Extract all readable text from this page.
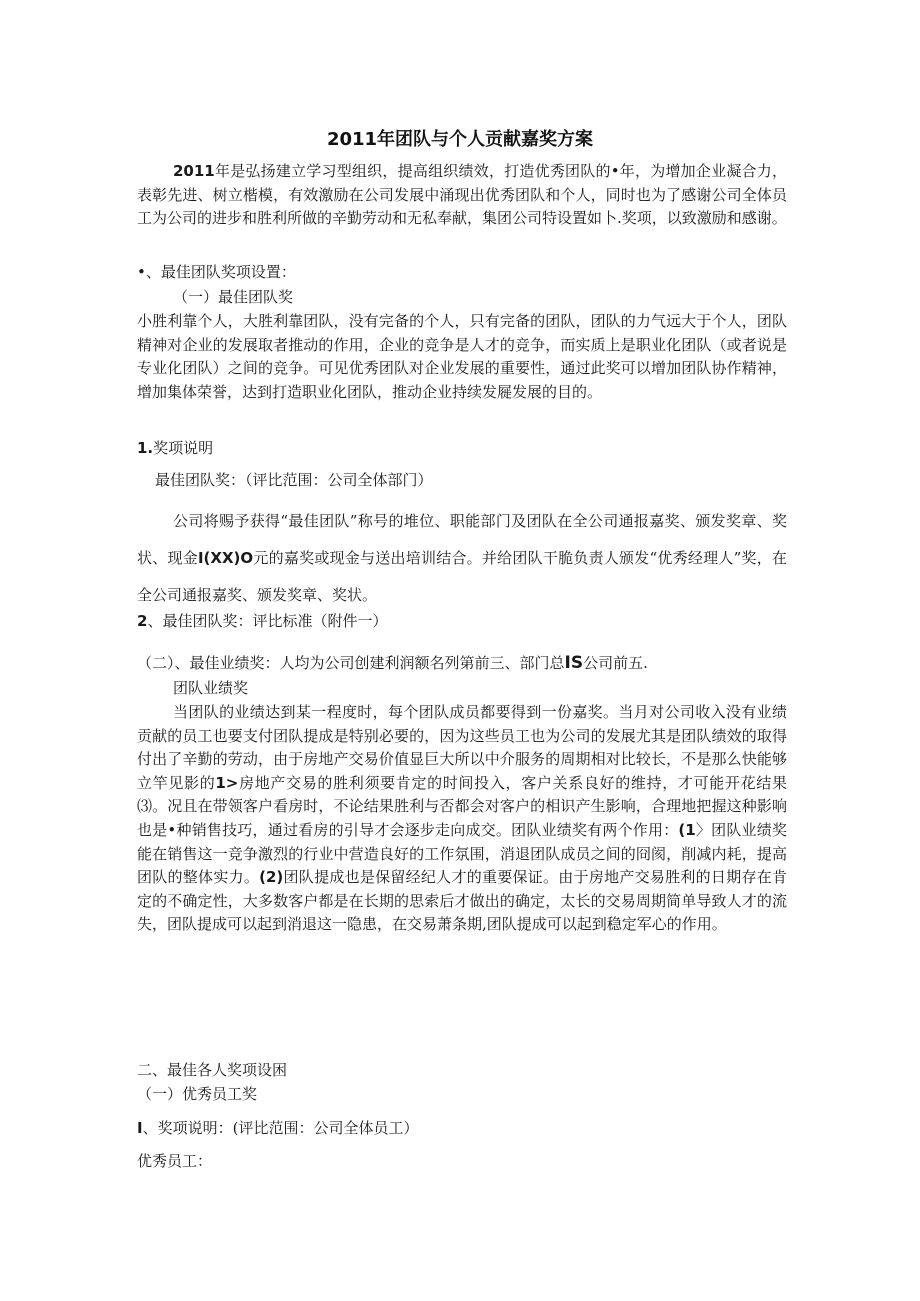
2011年团队与个人贡献嘉奖方案
2011年是弘扬建立学习型组织，提高组织绩效，打造优秀团队的•年，为增加企业凝合力，表彰先进、树立楷模，有效激励在公司发展中涌现出优秀团队和个人，同时也为了感谢公司全体员工为公司的进步和胜利所做的辛勤劳动和无私奉献，集团公司特设置如卜.奖项，以致激励和感谢。
•、最佳团队奖项设置：
（一）最佳团队奖
小胜利靠个人，大胜利靠团队，没有完备的个人，只有完备的团队，团队的力气远大于个人，团队精神对企业的发展取者推动的作用，企业的竞争是人才的竞争，而实质上是职业化团队（或者说是专业化团队）之间的竞争。可见优秀团队对企业发展的重要性，通过此奖可以增加团队协作精神，增加集体荣誉，达到打造职业化团队，推动企业持续发屣发展的目的。
1.奖项说明
最佳团队奖：（评比范围：公司全体部门）
公司将赐予获得“最佳团队”称号的堆位、职能部门及团队在全公司通报嘉奖、颁发奖章、奖状、现金I(XX)O元的嘉奖或现金与送出培训结合。并给团队干脆负责人颁发“优秀经理人”奖，在全公司通报嘉奖、颁发奖章、奖状。
2、最佳团队奖：评比标准（附件一）
（二）、最佳业绩奖：人均为公司创建利润额名列第前三、部门总IS公司前五.
团队业绩奖
当团队的业绩达到某一程度时，每个团队成员都要得到一份嘉奖。当月对公司收入没有业绩贡献的员工也要支付团队提成是特别必要的，因为这些员工也为公司的发展尤其是团队绩效的取得付出了辛勤的劳动，由于房地产交易价值显巨大所以中介服务的周期相对比较长，不是那么快能够立竿见影的1>房地产交易的胜利须要肯定的时间投入，客户关系良好的维持，才可能开花结果⑶。况且在带领客户看房时，不论结果胜利与否都会对客户的相识产生影响，合理地把握这种影响也是•种销售技巧，通过看房的引导才会逐步走向成交。团队业绩奖有两个作用：(1〉团队业绩奖能在销售这一竞争激烈的行业中营造良好的工作氛围，消退团队成员之间的冏阂，削减内耗，提高团队的整体实力。(2)团队提成也是保留经纪人才的重要保证。由于房地产交易胜利的日期存在肯定的不确定性，大多数客户都是在长期的思索后才做出的确定，太长的交易周期简单导致人才的流失，团队提成可以起到消退这一隐患，在交易萧条期,团队提成可以起到稳定军心的作用。
二、最佳各人奖项设困
（一）优秀员工奖
I、奖项说明：(评比范围：公司全体员工）
优秀员工：
